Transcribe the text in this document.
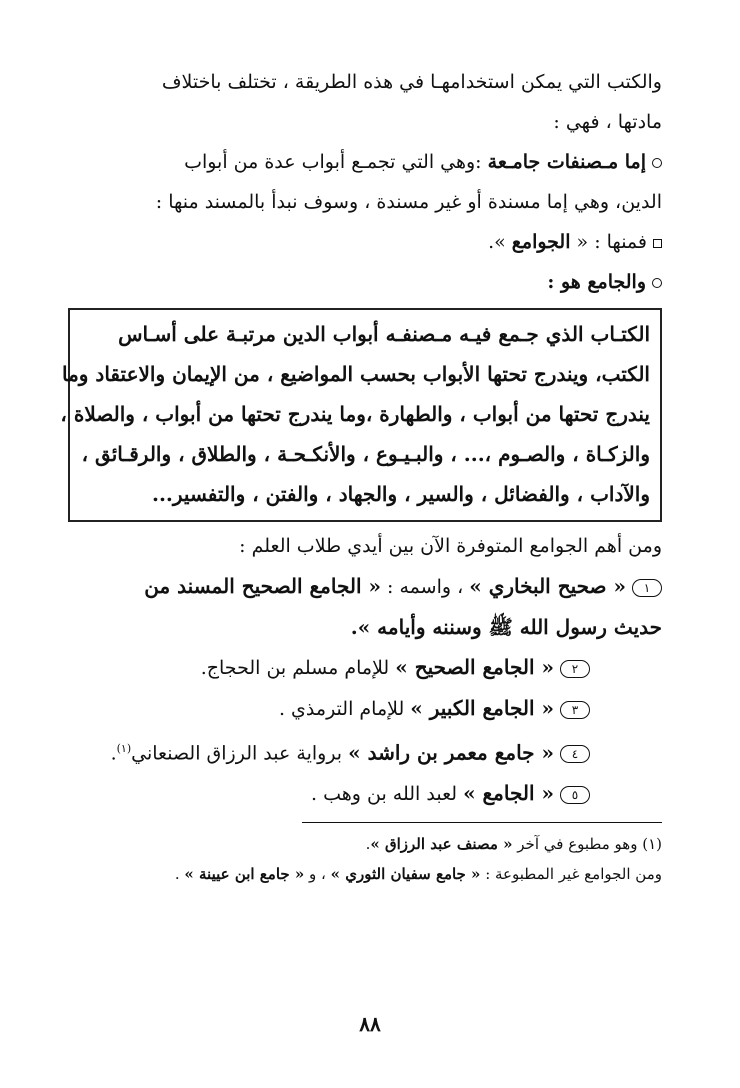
والكتب التي يمكن استخدامهـا في هذه الطريقة ، تختلف باختلاف
مادتها ، فهي :
إما مـصنفات جامـعة :وهي التي تجمـع أبواب عدة من أبواب
الدين، وهي إما مسندة أو غير مسندة ، وسوف نبدأ بالمسند منها :
فمنها : « الجوامع ».
والجامع هو :
الكتـاب الذي جـمع فيـه مـصنفـه أبواب الدين مرتبـة على أسـاس
الكتب، ويندرج تحتها الأبواب بحسب المواضيع ، من الإيمان والاعتقاد وما
يندرج تحتها من أبواب ، والطهارة ،وما يندرج تحتها من أبواب ، والصلاة ،
والزكـاة ، والصـوم ،... ، والبـيـوع ، والأنكـحـة ، والطلاق ، والرقـائق ،
والآداب ، والفضائل ، والسير ، والجهاد ، والفتن ، والتفسير...
ومن أهم الجوامع المتوفرة الآن بين أيدي طلاب العلم :
١« صحيح البخاري » ، واسمه : « الجامع الصحيح المسند من
حديث رسول الله ﷺ وسننه وأيامه ».
٢« الجامع الصحيح » للإمام مسلم بن الحجاج.
٣« الجامع الكبير » للإمام الترمذي .
٤« جامع معمر بن راشد » برواية عبد الرزاق الصنعاني$^{(١)}$.
٥« الجامع » لعبد الله بن وهب .
(١) وهو مطبوع في آخر « مصنف عبد الرزاق ».
ومن الجوامع غير المطبوعة : « جامع سفيان الثوري » ، و « جامع ابن عيينة » .
٨٨
